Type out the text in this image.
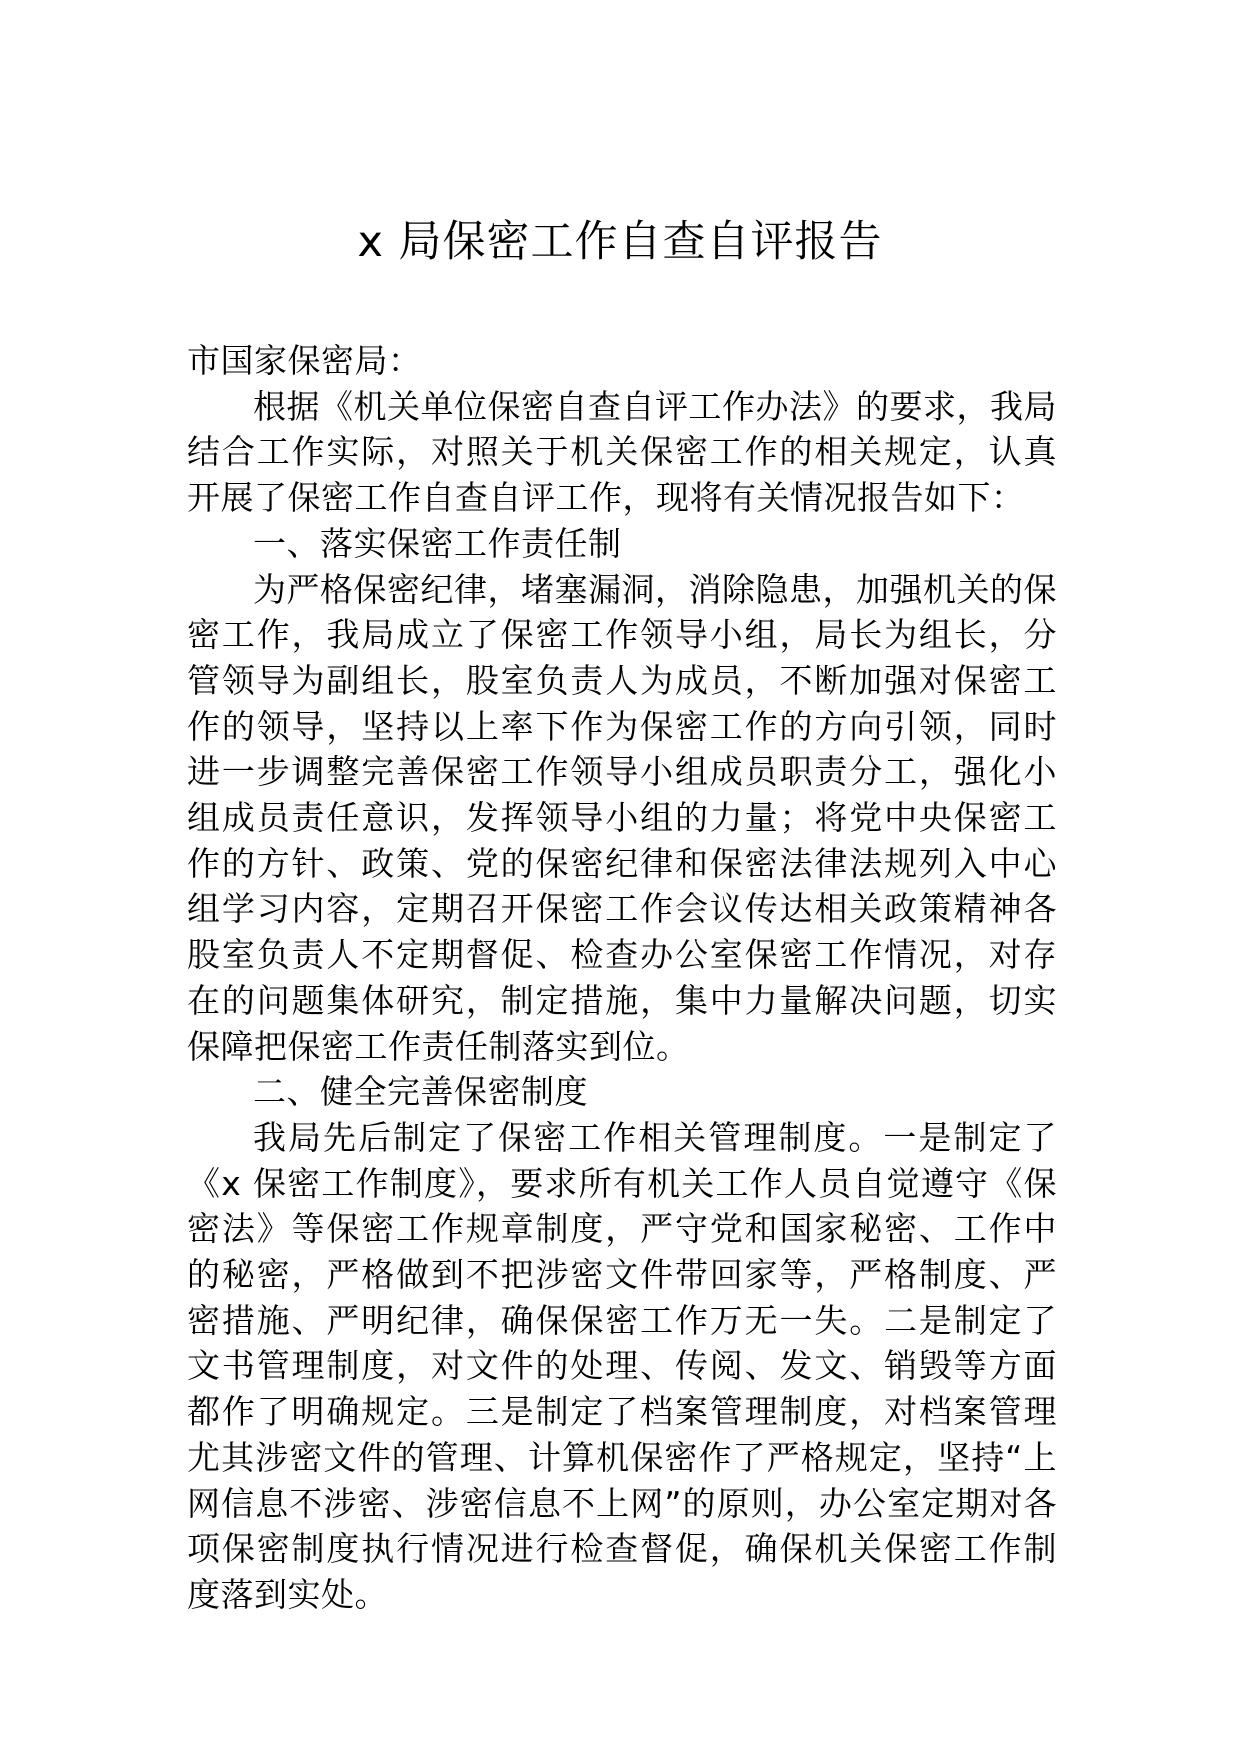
x 局保密工作自查自评报告

市国家保密局：

根据《机关单位保密自查自评工作办法》的要求，我局结合工作实际，对照关于机关保密工作的相关规定，认真开展了保密工作自查自评工作，现将有关情况报告如下：

一、落实保密工作责任制

为严格保密纪律，堵塞漏洞，消除隐患，加强机关的保密工作，我局成立了保密工作领导小组，局长为组长，分管领导为副组长，股室负责人为成员，不断加强对保密工作的领导，坚持以上率下作为保密工作的方向引领，同时进一步调整完善保密工作领导小组成员职责分工，强化小组成员责任意识，发挥领导小组的力量；将党中央保密工作的方针、政策、党的保密纪律和保密法律法规列入中心组学习内容，定期召开保密工作会议传达相关政策精神各股室负责人不定期督促、检查办公室保密工作情况，对存在的问题集体研究，制定措施，集中力量解决问题，切实保障把保密工作责任制落实到位。

二、健全完善保密制度

我局先后制定了保密工作相关管理制度。一是制定了《x 保密工作制度》，要求所有机关工作人员自觉遵守《保密法》等保密工作规章制度，严守党和国家秘密、工作中的秘密，严格做到不把涉密文件带回家等，严格制度、严密措施、严明纪律，确保保密工作万无一失。二是制定了文书管理制度，对文件的处理、传阅、发文、销毁等方面都作了明确规定。三是制定了档案管理制度，对档案管理尤其涉密文件的管理、计算机保密作了严格规定，坚持“上网信息不涉密、涉密信息不上网”的原则，办公室定期对各项保密制度执行情况进行检查督促，确保机关保密工作制度落到实处。
